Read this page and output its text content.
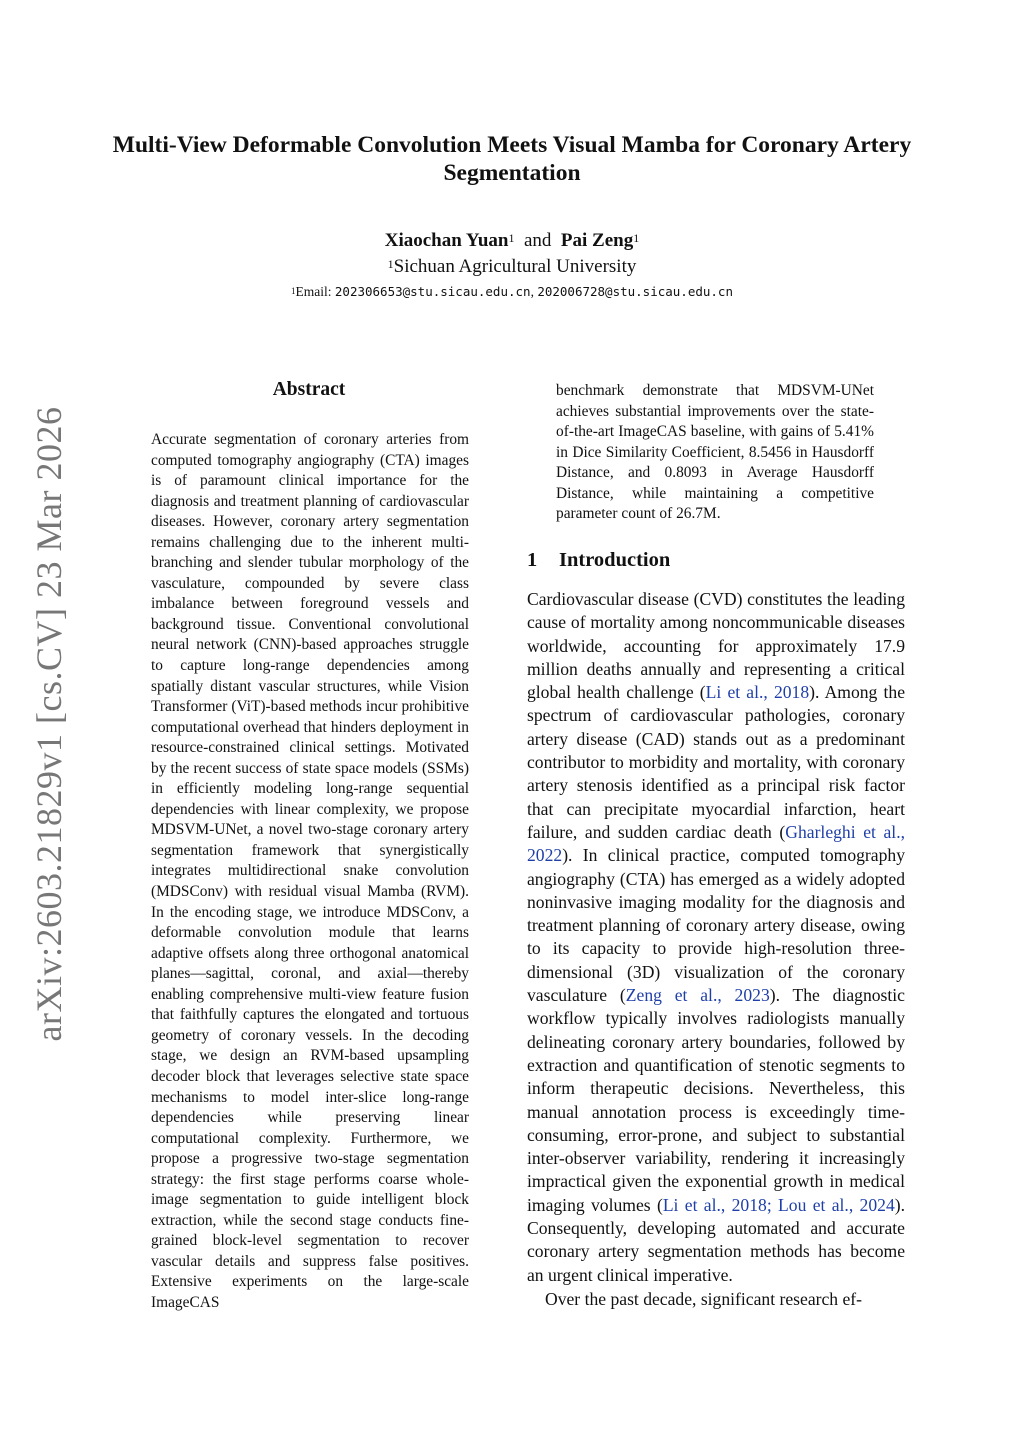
Multi-View Deformable Convolution Meets Visual Mamba for Coronary Artery Segmentation
Xiaochan Yuan$^1$ and Pai Zeng$^1$
$^1$Sichuan Agricultural University
$^1$Email: 202306653@stu.sicau.edu.cn, 202006728@stu.sicau.edu.cn
arXiv:2603.21829v1 [cs.CV] 23 Mar 2026
Abstract
Accurate segmentation of coronary arteries from computed tomography angiography (CTA) images is of paramount clinical importance for the diagnosis and treatment planning of cardiovascular diseases. However, coronary artery segmentation remains challenging due to the inherent multi-branching and slender tubular morphology of the vasculature, compounded by severe class imbalance between foreground vessels and background tissue. Conventional convolutional neural network (CNN)-based approaches struggle to capture long-range dependencies among spatially distant vascular structures, while Vision Transformer (ViT)-based methods incur prohibitive computational overhead that hinders deployment in resource-constrained clinical settings. Motivated by the recent success of state space models (SSMs) in efficiently modeling long-range sequential dependencies with linear complexity, we propose MDSVM-UNet, a novel two-stage coronary artery segmentation framework that synergistically integrates multidirectional snake convolution (MDSConv) with residual visual Mamba (RVM). In the encoding stage, we introduce MDSConv, a deformable convolution module that learns adaptive offsets along three orthogonal anatomical planes—sagittal, coronal, and axial—thereby enabling comprehensive multi-view feature fusion that faithfully captures the elongated and tortuous geometry of coronary vessels. In the decoding stage, we design an RVM-based upsampling decoder block that leverages selective state space mechanisms to model inter-slice long-range dependencies while preserving linear computational complexity. Furthermore, we propose a progressive two-stage segmentation strategy: the first stage performs coarse whole-image segmentation to guide intelligent block extraction, while the second stage conducts fine-grained block-level segmentation to recover vascular details and suppress false positives. Extensive experiments on the large-scale ImageCAS
benchmark demonstrate that MDSVM-UNet achieves substantial improvements over the state-of-the-art ImageCAS baseline, with gains of 5.41% in Dice Similarity Coefficient, 8.5456 in Hausdorff Distance, and 0.8093 in Average Hausdorff Distance, while maintaining a competitive parameter count of 26.7M.
1 Introduction

Cardiovascular disease (CVD) constitutes the leading cause of mortality among noncommunicable diseases worldwide, accounting for approximately 17.9 million deaths annually and representing a critical global health challenge (Li et al., 2018). Among the spectrum of cardiovascular pathologies, coronary artery disease (CAD) stands out as a predominant contributor to morbidity and mortality, with coronary artery stenosis identified as a principal risk factor that can precipitate myocardial infarction, heart failure, and sudden cardiac death (Gharleghi et al., 2022). In clinical practice, computed tomography angiography (CTA) has emerged as a widely adopted noninvasive imaging modality for the diagnosis and treatment planning of coronary artery disease, owing to its capacity to provide high-resolution three-dimensional (3D) visualization of the coronary vasculature (Zeng et al., 2023). The diagnostic workflow typically involves radiologists manually delineating coronary artery boundaries, followed by extraction and quantification of stenotic segments to inform therapeutic decisions. Nevertheless, this manual annotation process is exceedingly time-consuming, error-prone, and subject to substantial inter-observer variability, rendering it increasingly impractical given the exponential growth in medical imaging volumes (Li et al., 2018; Lou et al., 2024). Consequently, developing automated and accurate coronary artery segmentation methods has become an urgent clinical imperative.

Over the past decade, significant research ef-
